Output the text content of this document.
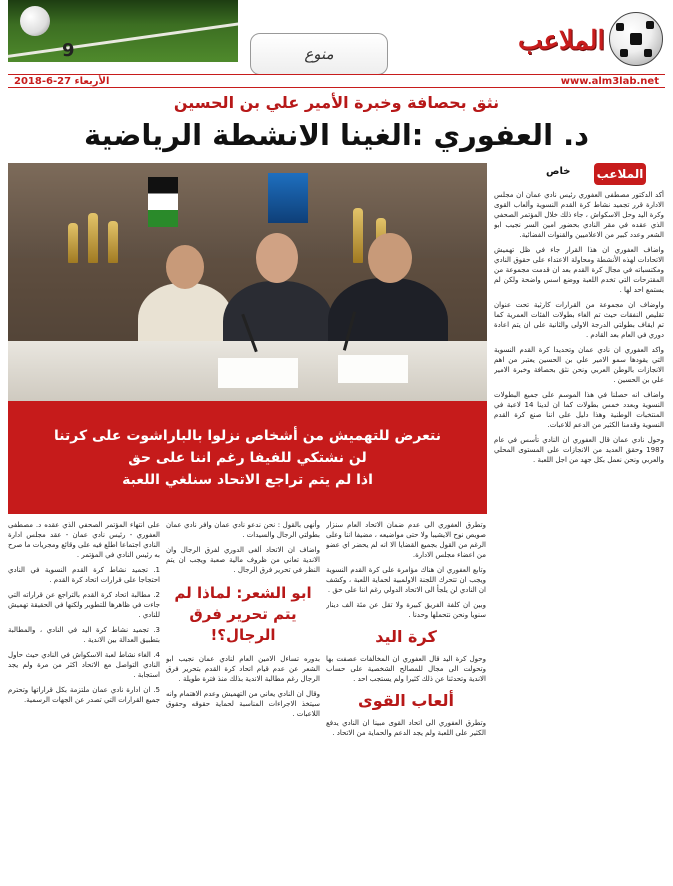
9	منوع	الملاعب
الأربعاء 27-6-2018	www.alm3lab.net
نثق بحصافة وخبرة الأمير علي بن الحسين
د. العفوري :الغينا الانشطة الرياضية
الملاعب
خاص

أكد الدكتور مصطفى العفوري رئيس نادي عمان ان مجلس الادارة قرر تجميد نشاط كرة القدم النسوية وألعاب القوى وكرة اليد وحل الاسكواش ، جاء ذلك خلال المؤتمر الصحفي الذي عقده في مقر النادي بحضور امين السر نجيب ابو الشعر وعدد كبير من الاعلاميين والقنوات الفضائية.

واضاف العفوري ان هذا القرار جاء في ظل تهميش الاتحادات لهذه الأنشطة ومحاولة الاعتداء على حقوق النادي ومكتسباته في مجال كرة القدم بعد ان قدمت مجموعة من المقترحات التي تخدم اللعبة ووضع اسس واضحة ولكن لم يستمع احد لها .

واوضاف ان مجموعة من القرارات كارثية تحت عنوان تقليص النفقات حيث تم الغاء بطولات الفئات العمرية كما تم ايقاف بطولتي الدرجة الاولى والثانية على ان يتم اعادة دوري في العام بعد القادم .

واكد العفوري ان نادي عمان وتحديدا كرة القدم النسوية التي يقودها سمو الامير علي بن الحسين يعتبر من اهم الانجازات بالوطن العربي ونحن نثق بحصافة وخبرة الامير علي بن الحسين .

واضاف انه حصلنا في هذا الموسم على جميع البطولات النسوية وبعدد خمس بطولات كما ان لدينا 14 لاعبة في المنتخبات الوطنية وهذا دليل على اننا صنع كرة القدم النسوية وقدمنا الكثير من الدعم للاعبات.

وحول نادي عمان قال العفوري ان النادي تأسس في عام 1987 وحقق العديد من الانجازات على المستوى المحلي والعربي ونحن نعمل بكل جهد من اجل اللعبة .

نتعرض للتهميش من أشخاص نزلوا بالباراشوت على كرتنا
لن نشتكي للفيفا رغم اننا على حق
اذا لم يتم تراجع الاتحاد سنلغي اللعبة

وتطرق العفوري الى عدم ضمان الاتحاد العام سنزار صويص نوح الايشيبا ولا حتى مواضيعه ، مضيفا اننا وعلى الرغم من القول بجميع القضايا الا انه لم يحضر اي عضو من اعضاء مجلس الادارة.

وتابع العفوري ان هناك مؤامرة على كرة القدم النسوية ويجب ان تتحرك اللجنة الاولمبية لحماية اللعبة ، وكشف ان النادي لن يلجأ الى الاتحاد الدولي رغم اننا على حق .

وبين ان كلفة الفريق كبيرة ولا تقل عن مئة الف دينار سنويا ونحن نتحملها وحدنا .

كرة اليد

وحول كرة اليد قال العفوري ان المخالفات عصفت بها وتحولت الى مجال للمصالح الشخصية على حساب الاندية وتحدثنا عن ذلك كثيرا ولم يستجب احد .

ألعاب القوى

وتطرق العفوري الى اتحاد القوى مبينا ان النادي يدفع الكثير على اللعبة ولم يجد الدعم والحماية من الاتحاد .

وأنهى بالقول : نحن ندعو نادي عمان وافر نادي عمان بطولتي الرجال والسيدات .

واضاف ان الاتحاد ألغى الدوري لفرق الرجال وان الاندية تعاني من ظروف مالية صعبة ويجب ان يتم النظر في تحرير فرق الرجال .

ابو الشعر: لماذا لم يتم تحرير فرق الرجال؟!

بدوره تساءل الامين العام لنادي عمان نجيب ابو الشعر عن عدم قيام اتحاد كرة القدم بتحرير فرق الرجال رغم مطالبة الاندية بذلك منذ فترة طويلة .

وقال ان النادي يعاني من التهميش وعدم الاهتمام وانه سيتخذ الاجراءات المناسبة لحماية حقوقه وحقوق اللاعبات .

على انتهاء المؤتمر الصحفي الذي عقده د. مصطفى العفوري - رئيس نادي عمان - عقد مجلس ادارة النادي اجتماعا اطلع فيه على وقائع ومجريات ما صرح به رئيس النادي في المؤتمر .

1. تجميد نشاط كرة القدم النسوية في النادي احتجاجا على قرارات اتحاد كرة القدم .

2. مطالبة اتحاد كرة القدم بالتراجع عن قراراته التي جاءت في ظاهرها للتطوير ولكنها في الحقيقة تهميش للنادي .

3. تجميد نشاط كرة اليد في النادي ، والمطالبة بتطبيق العدالة بين الاندية .

4. الغاء نشاط لعبة الاسكواش في النادي حيث حاول النادي التواصل مع الاتحاد اكثر من مرة ولم يجد استجابة .

5. ان ادارة نادي عمان ملتزمة بكل قراراتها وتحترم جميع القرارات التي تصدر عن الجهات الرسمية.
